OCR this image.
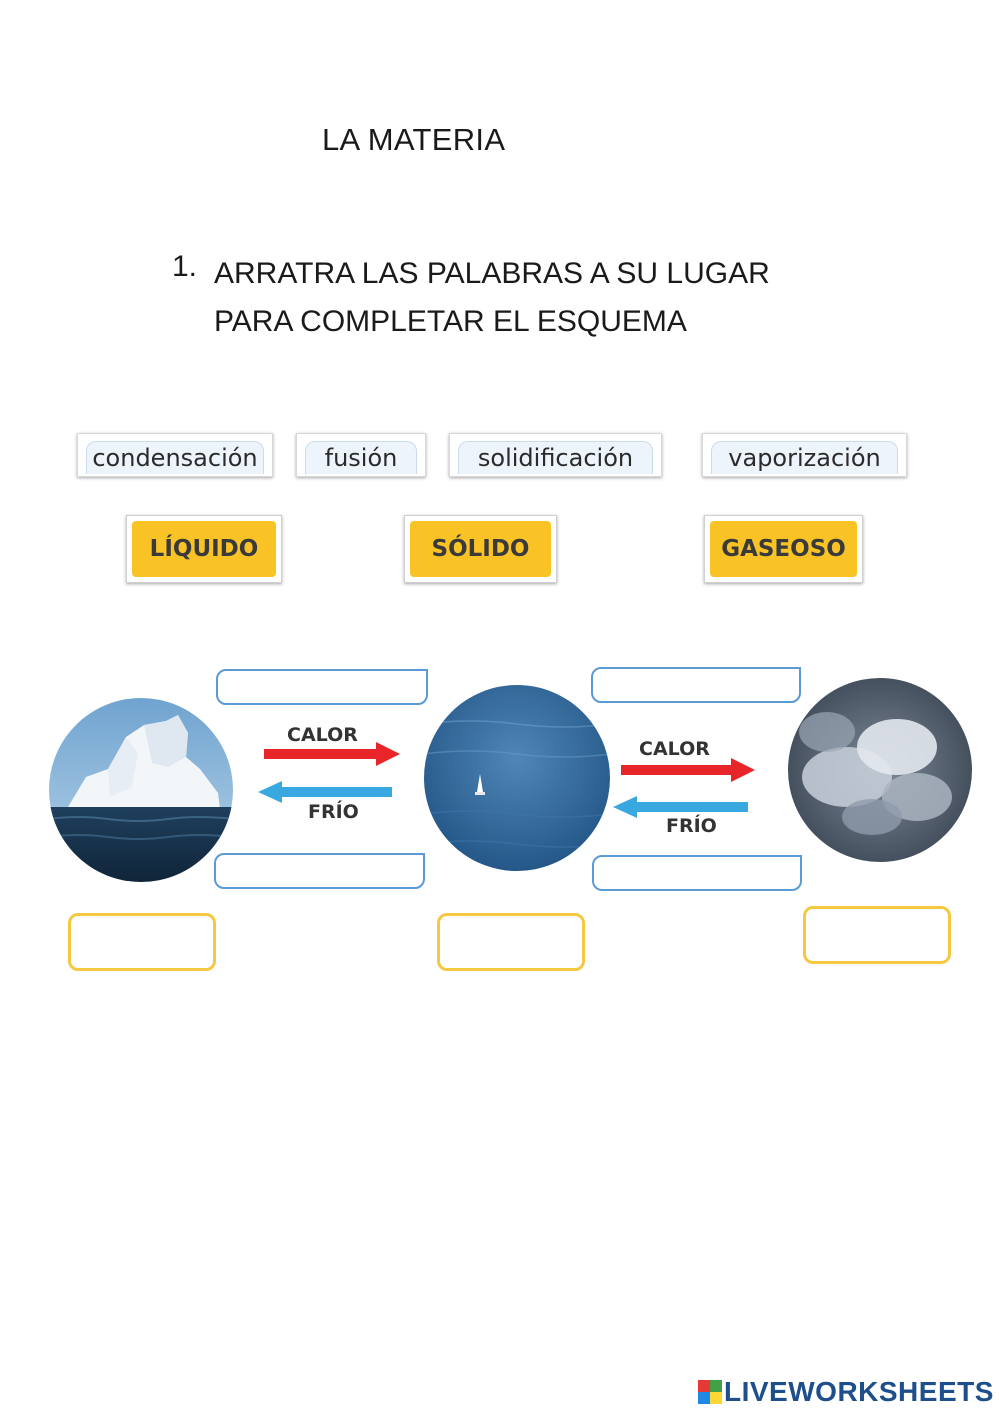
LA MATERIA
1. ARRATRA LAS PALABRAS A SU LUGAR
PARA COMPLETAR EL ESQUEMA
condensación	fusión	solidificación	vaporización
LÍQUIDO	SÓLIDO	GASEOSO
CALOR
FRÍO
CALOR
FRÍO
LIVEWORKSHEETS
